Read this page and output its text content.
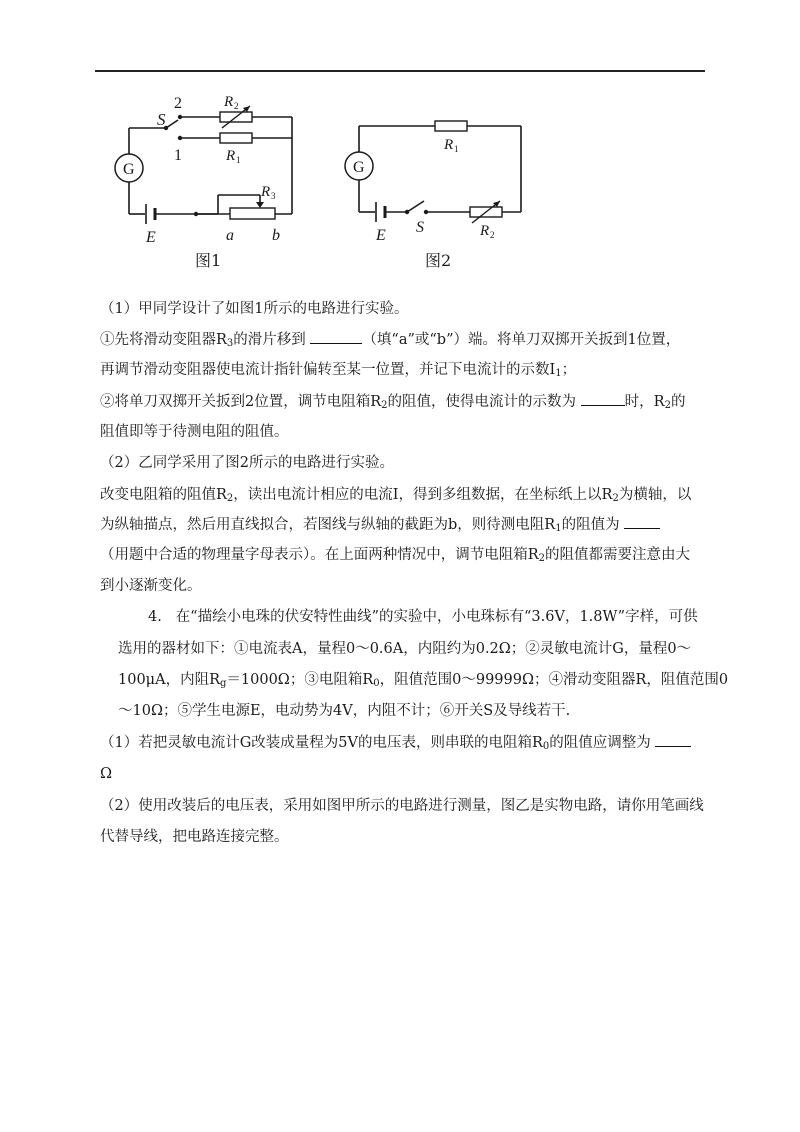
G
S
2
1
R 2
R 1
R 3
E	a b
图1
G
R 1
E S	R 2
图2
（1）甲同学设计了如图1所示的电路进行实验。
①先将滑动变阻器$R_3$的滑片移到	（填“a”或“b”）端。将单刀双掷开关扳到1位置，
再调节滑动变阻器使电流计指针偏转至某一位置，并记下电流计的示数$I_1$；
②将单刀双掷开关扳到2位置，调节电阻箱$R_2$的阻值，使得电流计的示数为	时，$R_2$的
阻值即等于待测电阻的阻值。
（2）乙同学采用了图2所示的电路进行实验。
改变电阻箱的阻值$R_2$，读出电流计相应的电流I，得到多组数据，在坐标纸上以$R_2$为横轴，以
为纵轴描点，然后用直线拟合，若图线与纵轴的截距为b，则待测电阻$R_1$的阻值为
（用题中合适的物理量字母表示）。在上面两种情况中，调节电阻箱$R_2$的阻值都需要注意由大
到小逐渐变化。
4. 在“描绘小电珠的伏安特性曲线”的实验中，小电珠标有“3.6V，1.8W”字样，可供
选用的器材如下：①电流表A，量程0～0.6A，内阻约为0.2Ω；②灵敏电流计G，量程0～
100μA，内阻$R_g=1000\Omega$；③电阻箱$R_0$，阻值范围0～99999Ω；④滑动变阻器R，阻值范围0
～10Ω；⑤学生电源E，电动势为4V，内阻不计；⑥开关S及导线若干.
（1）若把灵敏电流计G改装成量程为5V的电压表，则串联的电阻箱$R_0$的阻值应调整为
Ω
（2）使用改装后的电压表，采用如图甲所示的电路进行测量，图乙是实物电路，请你用笔画线
代替导线，把电路连接完整。
